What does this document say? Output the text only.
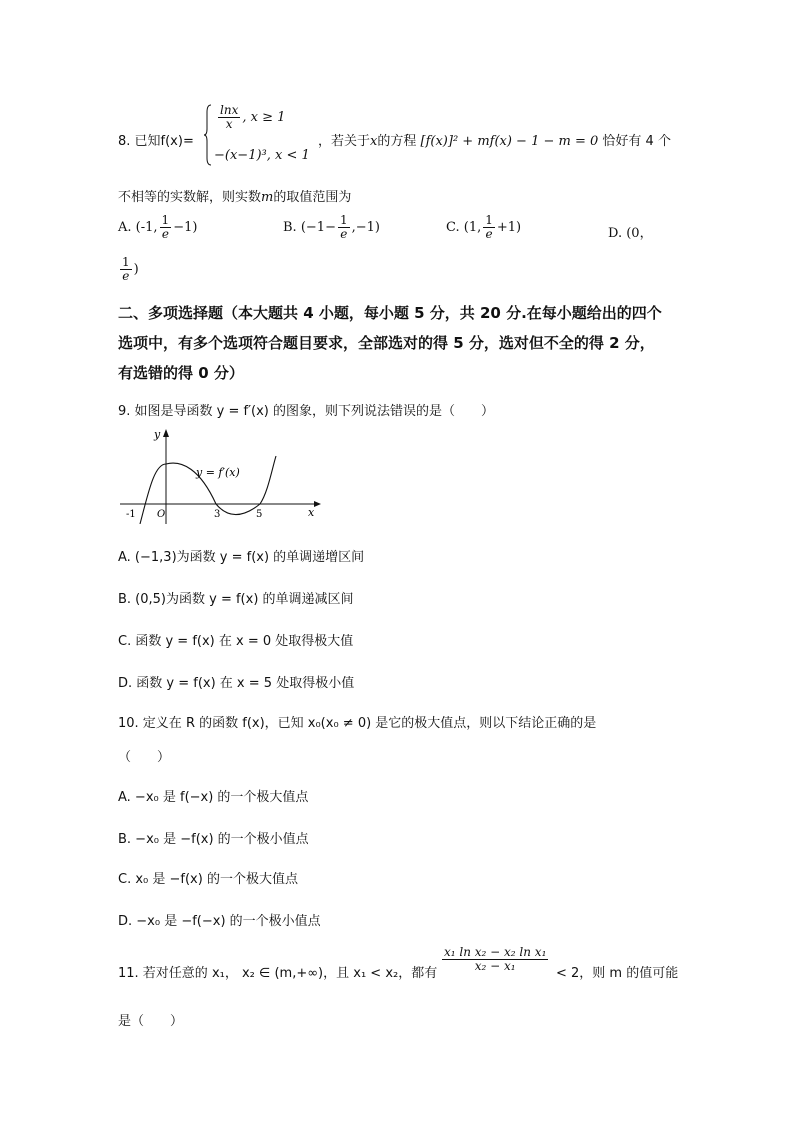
8. 已知f(x)=
$\frac{\ln x}{x}$ , x ≥ 1
−(x−1)³, x < 1
，若关于x的方程 [f(x)]² + mf(x) − 1 − m = 0 恰好有 4 个
不相等的实数解，则实数m的取值范围为
A. (-1, $\frac{1}{e} -1$)	B. $(-1- \frac{1}{e} ,-1)$	C. (1, $\frac{1}{e} +1$)	D. (0，
$\frac{1}{e}$ )
二、多项选择题（本大题共 4 小题，每小题 5 分，共 20 分.在每小题给出的四个
选项中，有多个选项符合题目要求，全部选对的得 5 分，选对但不全的得 2 分，
有选错的得 0 分）
9. 如图是导函数 y = f′(x) 的图象，则下列说法错误的是（　　）
y
x
O
y = f′(x)
-1	3	5
A. (−1,3)为函数 y = f(x) 的单调递增区间
B. (0,5)为函数 y = f(x) 的单调递减区间
C. 函数 y = f(x) 在 x = 0 处取得极大值
D. 函数 y = f(x) 在 x = 5 处取得极小值
10. 定义在 R 的函数 f(x)，已知 x₀(x₀ ≠ 0) 是它的极大值点，则以下结论正确的是
（　　）
A. −x₀ 是 f(−x) 的一个极大值点
B. −x₀ 是 −f(x) 的一个极小值点
C. x₀ 是 −f(x) 的一个极大值点
D. −x₀ 是 −f(−x) 的一个极小值点
11. 若对任意的 x₁， x₂ ∈ (m,+∞)，且 x₁ < x₂，都有
$\frac{\text{x₁ ln x₂ − x₂ ln x₁}}{\text{x₂ − x₁}}$
< 2，则 m 的值可能
是（　　）
